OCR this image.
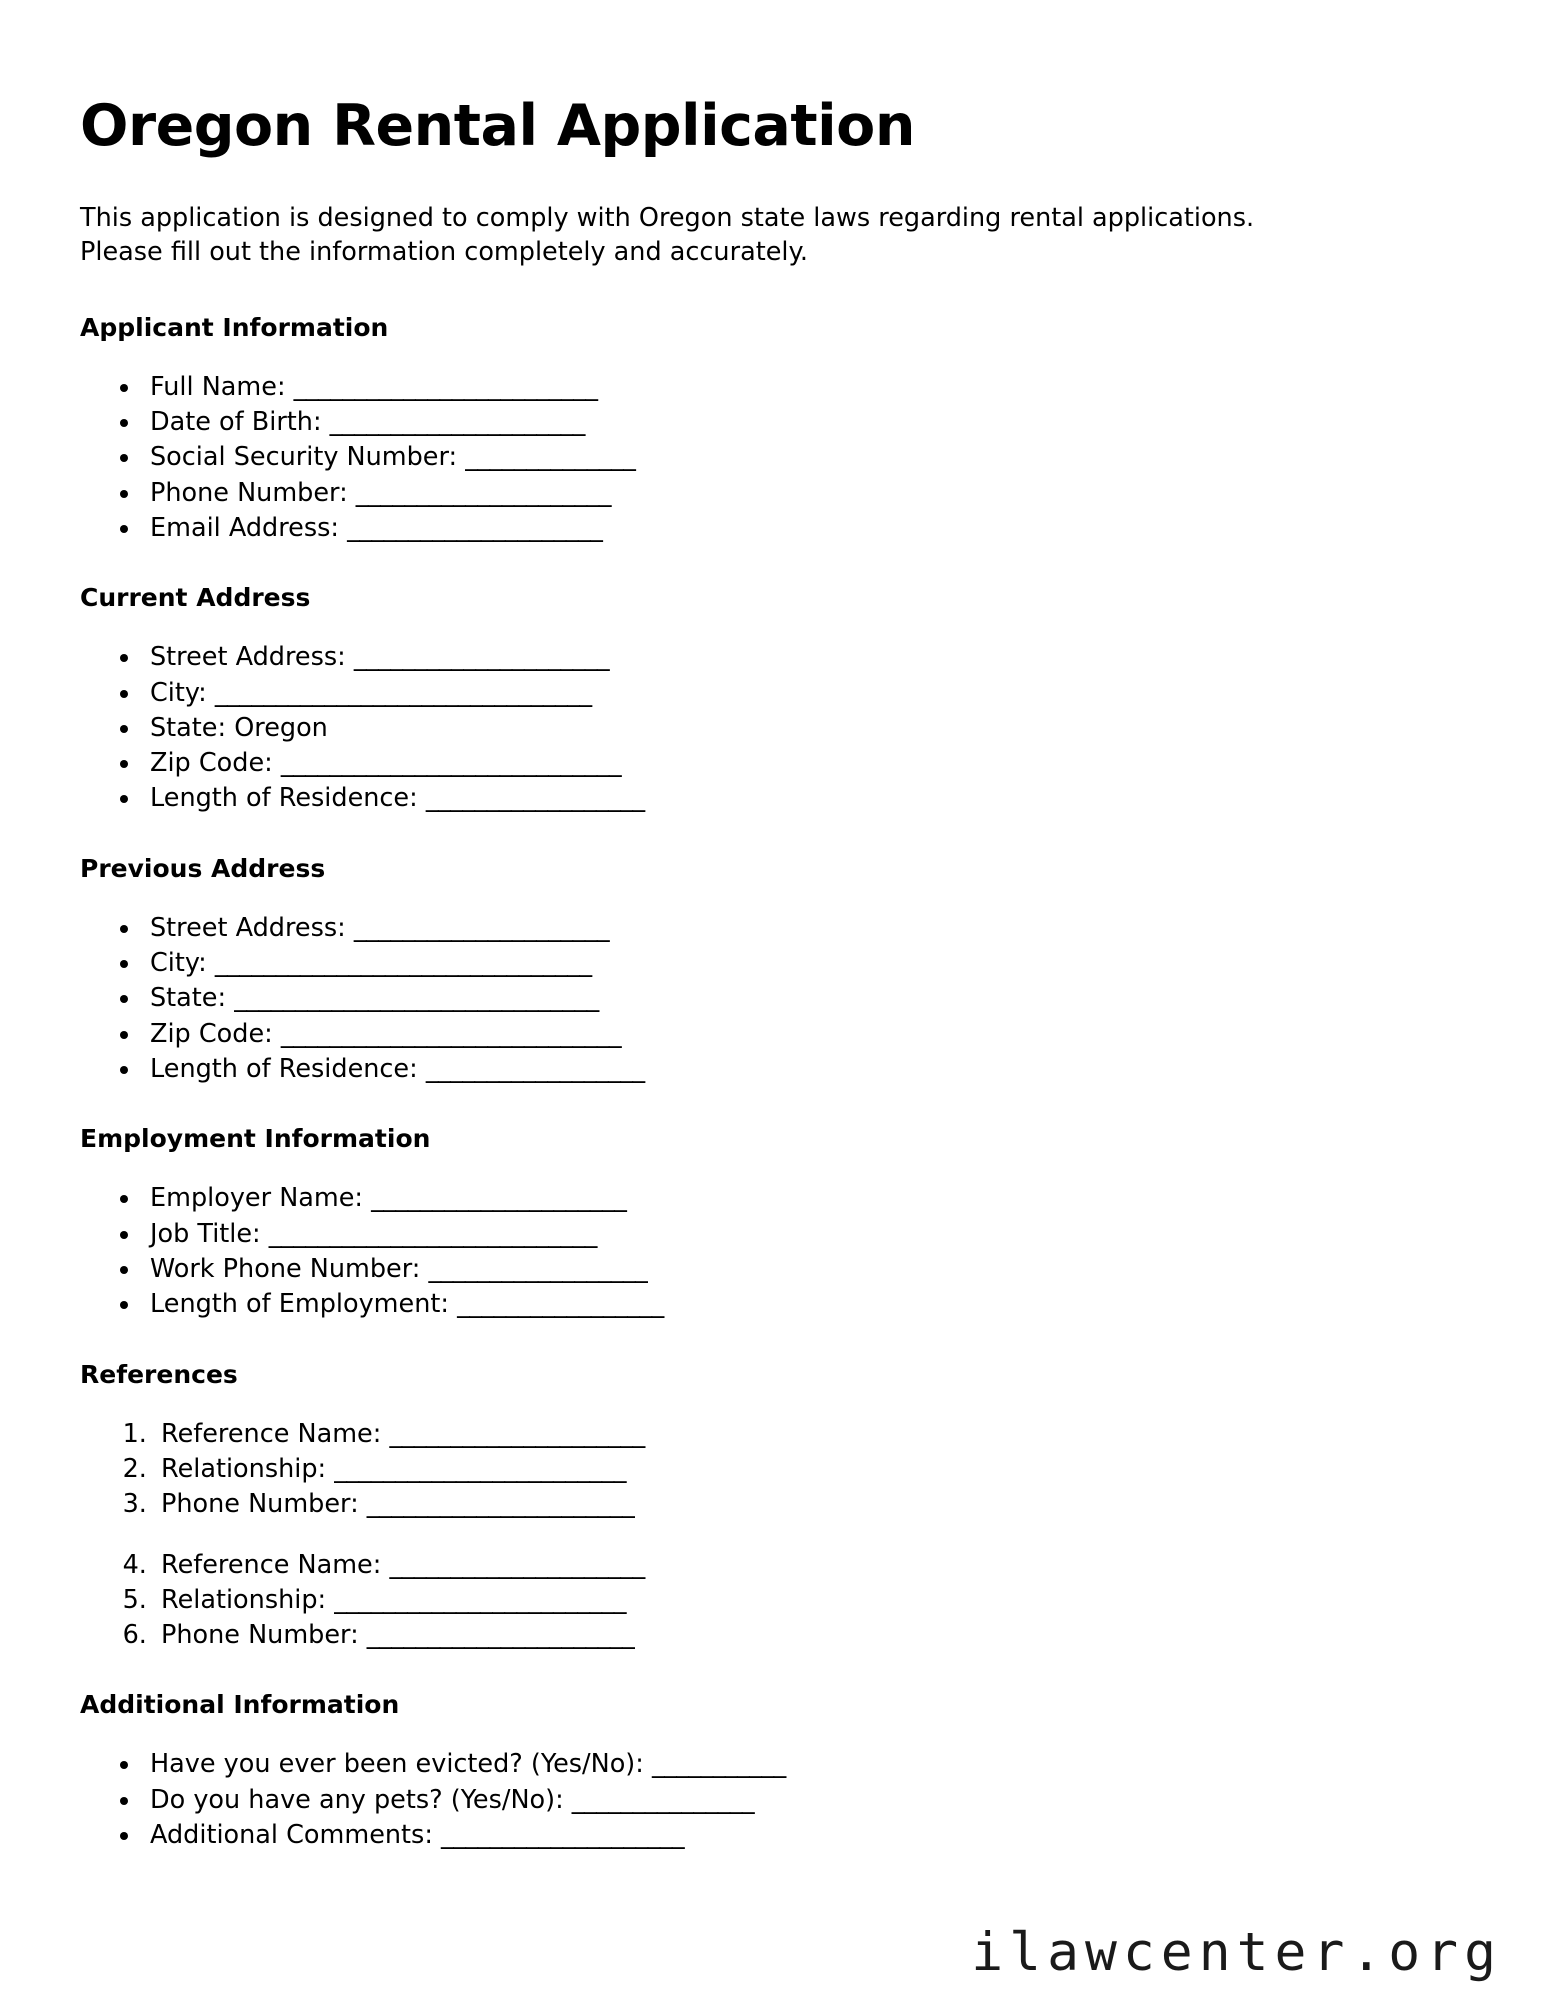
Oregon Rental Application

This application is designed to comply with Oregon state laws regarding rental applications. Please fill out the information completely and accurately.

Applicant Information
• Full Name: _________________________
• Date of Birth: _____________________
• Social Security Number: ______________
• Phone Number: _____________________
• Email Address: _____________________
Current Address
• Street Address: _____________________
• City: _______________________________
• State: Oregon
• Zip Code: ____________________________
• Length of Residence: __________________
Previous Address
• Street Address: _____________________
• City: _______________________________
• State: ______________________________
• Zip Code: ____________________________
• Length of Residence: __________________
Employment Information
• Employer Name: _____________________
• Job Title: ___________________________
• Work Phone Number: __________________
• Length of Employment: _________________
References
1. Reference Name: _____________________
2. Relationship: ________________________
3. Phone Number: ______________________
4. Reference Name: _____________________
5. Relationship: ________________________
6. Phone Number: ______________________
Additional Information
• Have you ever been evicted? (Yes/No): ___________
• Do you have any pets? (Yes/No): _______________
• Additional Comments: ____________________
ilawcenter.org
